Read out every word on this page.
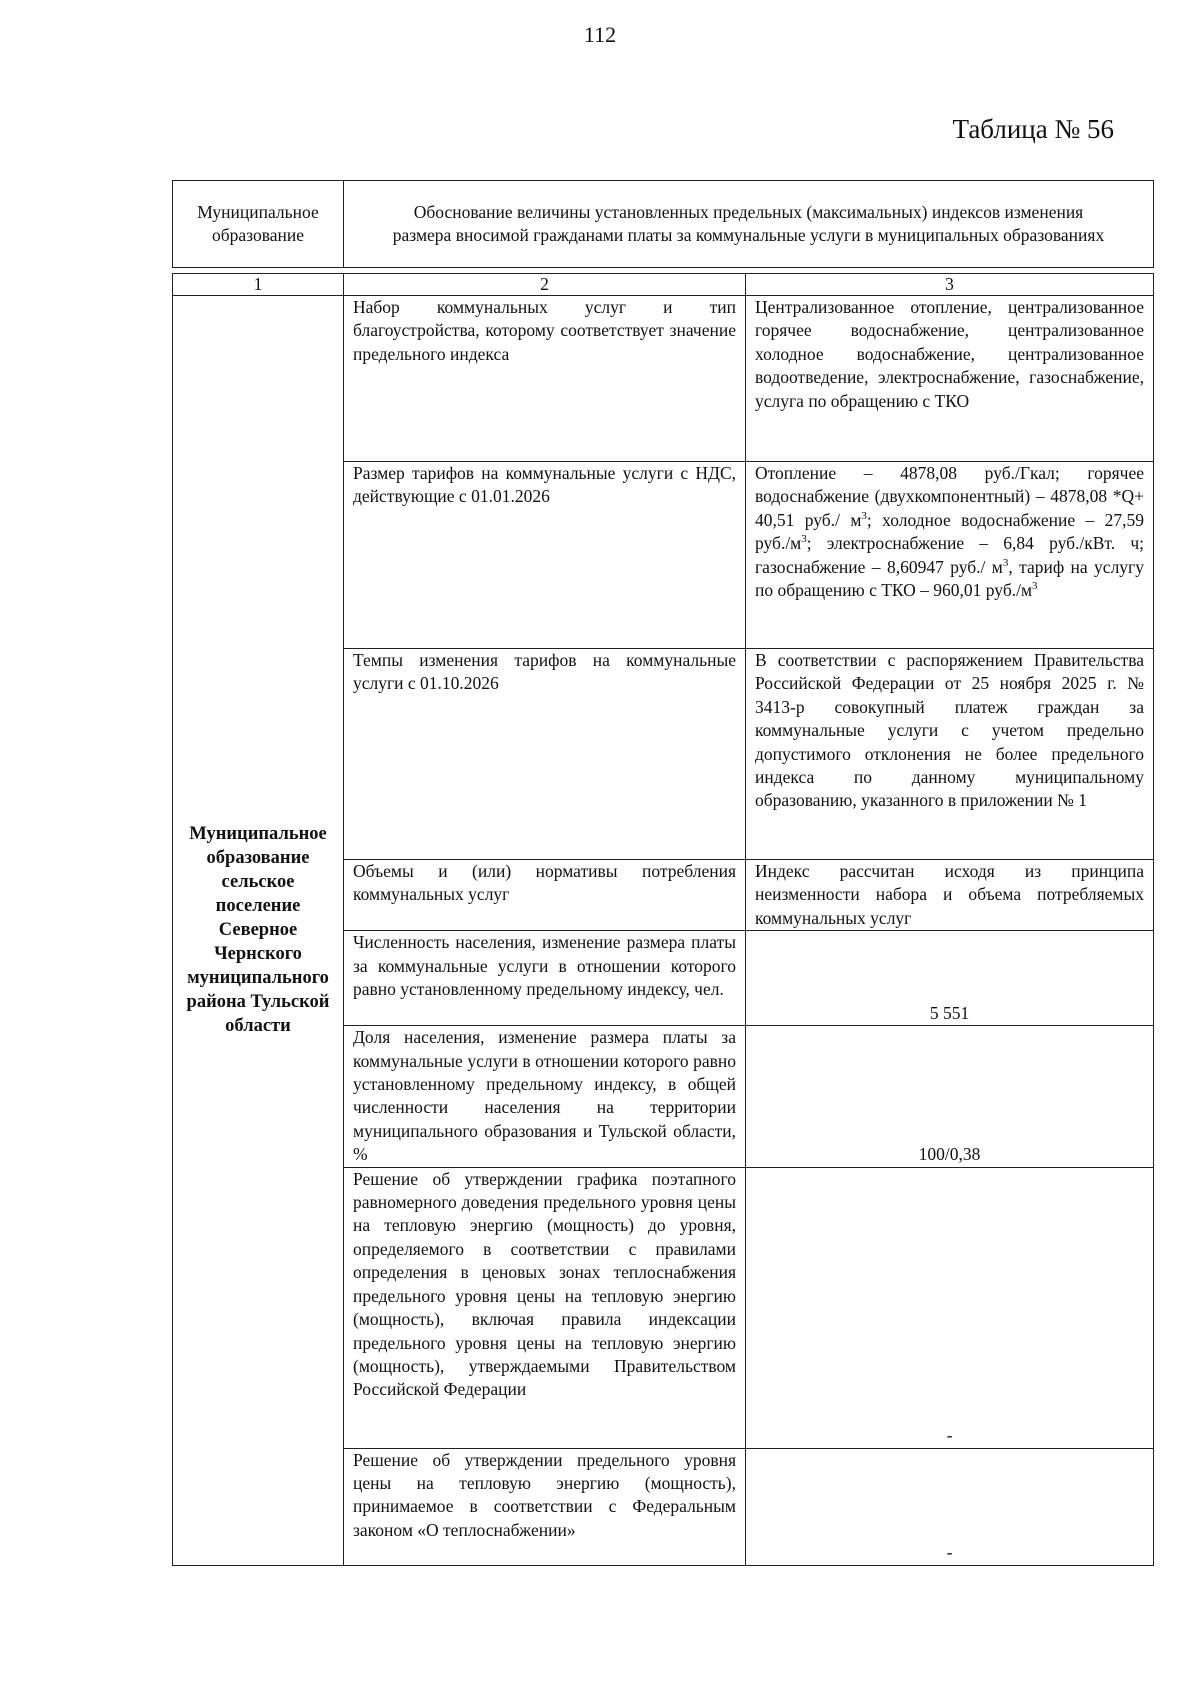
112
Таблица № 56
Муниципальное образование	Обоснование величины установленных предельных (максимальных) индексов изменения размера вносимой гражданами платы за коммунальные услуги в муниципальных образованиях
1	2	3
Муниципальное образование сельское поселение Северное Чернского муниципального района Тульской области	Набор коммунальных услуг и тип благоустройства, которому соответствует значение предельного индекса	Централизованное отопление, централизованное горячее водоснабжение, централизованное холодное водоснабжение, централизованное водоотведение, электроснабжение, газоснабжение, услуга по обращению с ТКО
	Размер тарифов на коммунальные услуги с НДС, действующие с 01.01.2026	Отопление – 4878,08 руб./Гкал; горячее водоснабжение (двухкомпонентный) – 4878,08 *Q+ 40,51 руб./ $м^3$; холодное водоснабжение – 27,59 $руб./м^3$; электроснабжение – 6,84 руб./кВт. ч; газоснабжение – 8,60947 руб./ $м^3$, тариф на услугу по обращению с ТКО – 960,01 $руб./м^3$
	Темпы изменения тарифов на коммунальные услуги с 01.10.2026	В соответствии с распоряжением Правительства Российской Федерации от 25 ноября 2025 г. № 3413-р совокупный платеж граждан за коммунальные услуги с учетом предельно допустимого отклонения не более предельного индекса по данному муниципальному образованию, указанного в приложении № 1
	Объемы и (или) нормативы потребления коммунальных услуг	Индекс рассчитан исходя из принципа неизменности набора и объема потребляемых коммунальных услуг
	Численность населения, изменение размера платы за коммунальные услуги в отношении которого равно установленному предельному индексу, чел.	5 551
	Доля населения, изменение размера платы за коммунальные услуги в отношении которого равно установленному предельному индексу, в общей численности населения на территории муниципального образования и Тульской области, %	100/0,38
	Решение об утверждении графика поэтапного равномерного доведения предельного уровня цены на тепловую энергию (мощность) до уровня, определяемого в соответствии с правилами определения в ценовых зонах теплоснабжения предельного уровня цены на тепловую энергию (мощность), включая правила индексации предельного уровня цены на тепловую энергию (мощность), утверждаемыми Правительством Российской Федерации	-
	Решение об утверждении предельного уровня цены на тепловую энергию (мощность), принимаемое в соответствии с Федеральным законом «О теплоснабжении»	-
